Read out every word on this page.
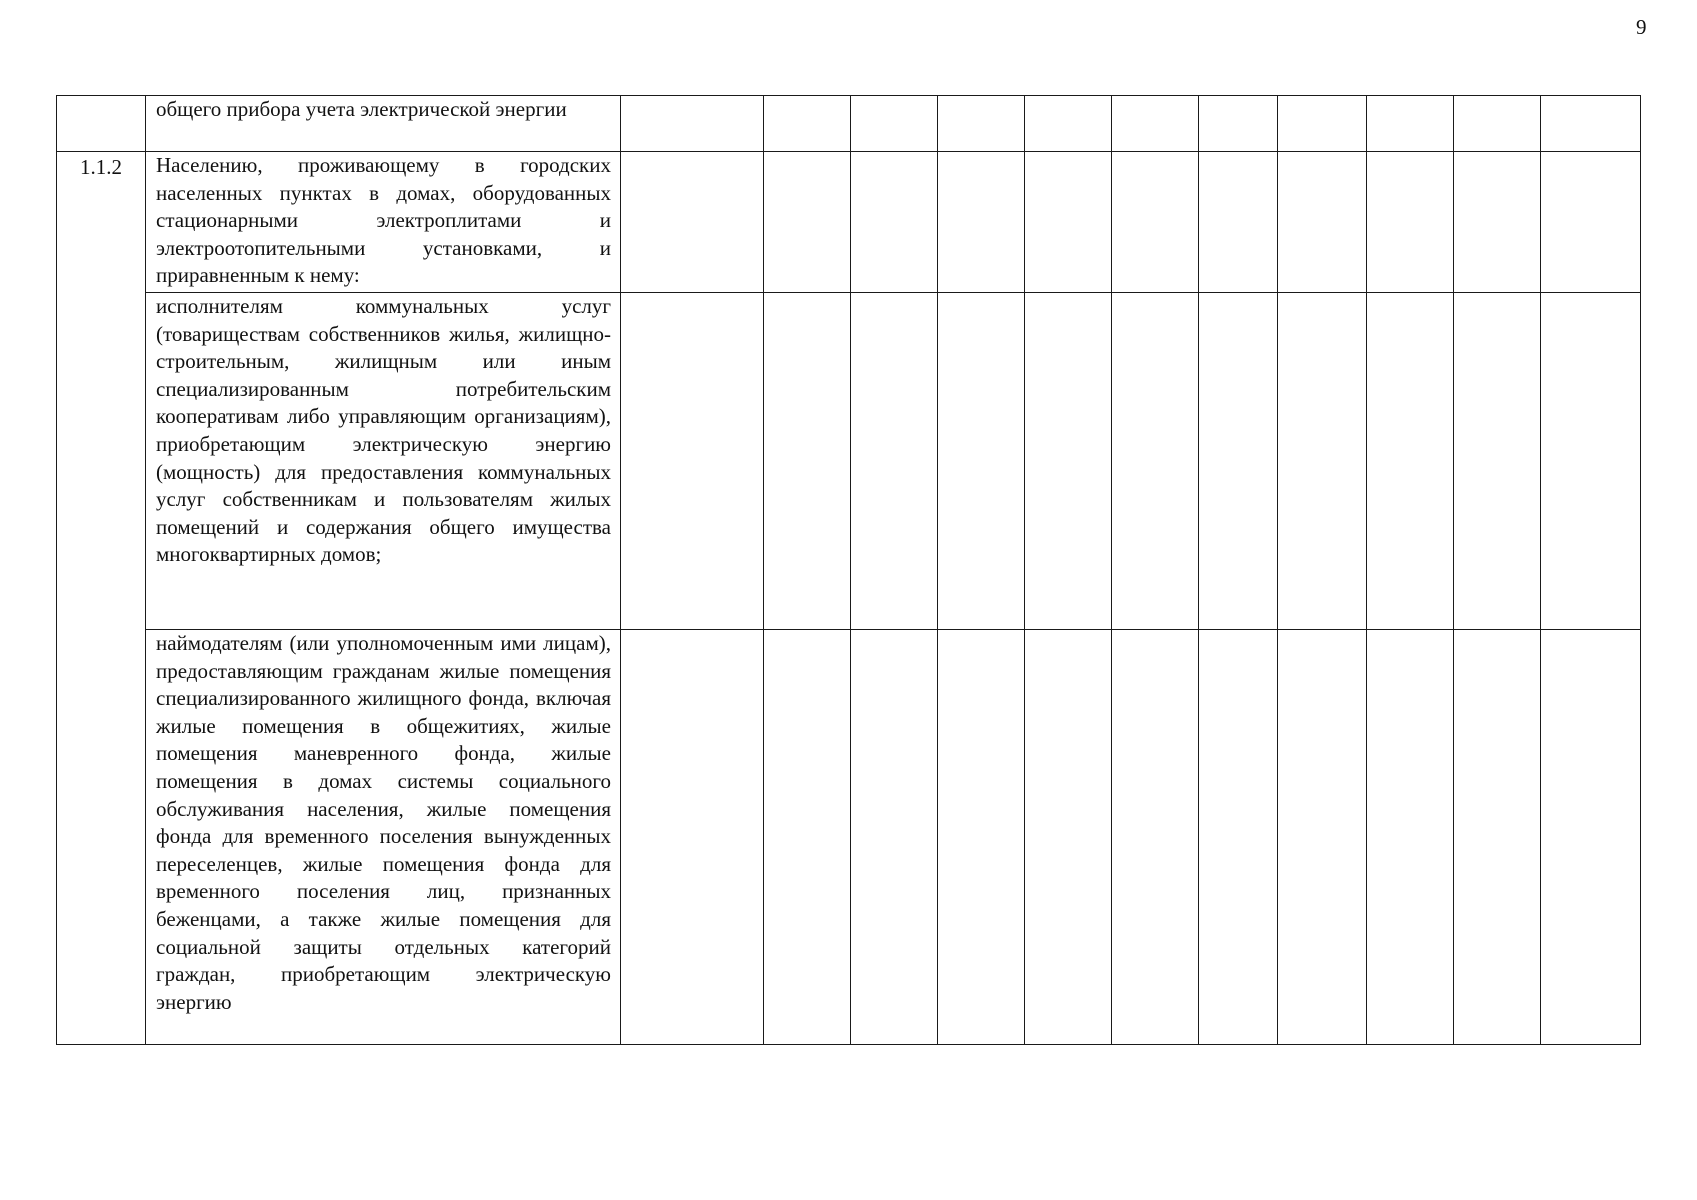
9

	общего прибора учета электрической энергии											

1.1.2	Населению, проживающему в городских населенных пунктах в домах, оборудованных стационарными электроплитами и электроотопительными установками, и приравненным к нему:											

	исполнителям коммунальных услуг (товариществам собственников жилья, жилищно-строительным, жилищным или иным специализированным потребительским кооперативам либо управляющим организациям), приобретающим электрическую энергию (мощность) для предоставления коммунальных услуг собственникам и пользователям жилых помещений и содержания общего имущества многоквартирных домов;											

	наймодателям (или уполномоченным ими лицам), предоставляющим гражданам жилые помещения специализированного жилищного фонда, включая жилые помещения в общежитиях, жилые помещения маневренного фонда, жилые помещения в домах системы социального обслуживания населения, жилые помещения фонда для временного поселения вынужденных переселенцев, жилые помещения фонда для временного поселения лиц, признанных беженцами, а также жилые помещения для социальной защиты отдельных категорий граждан, приобретающим электрическую энергию											
